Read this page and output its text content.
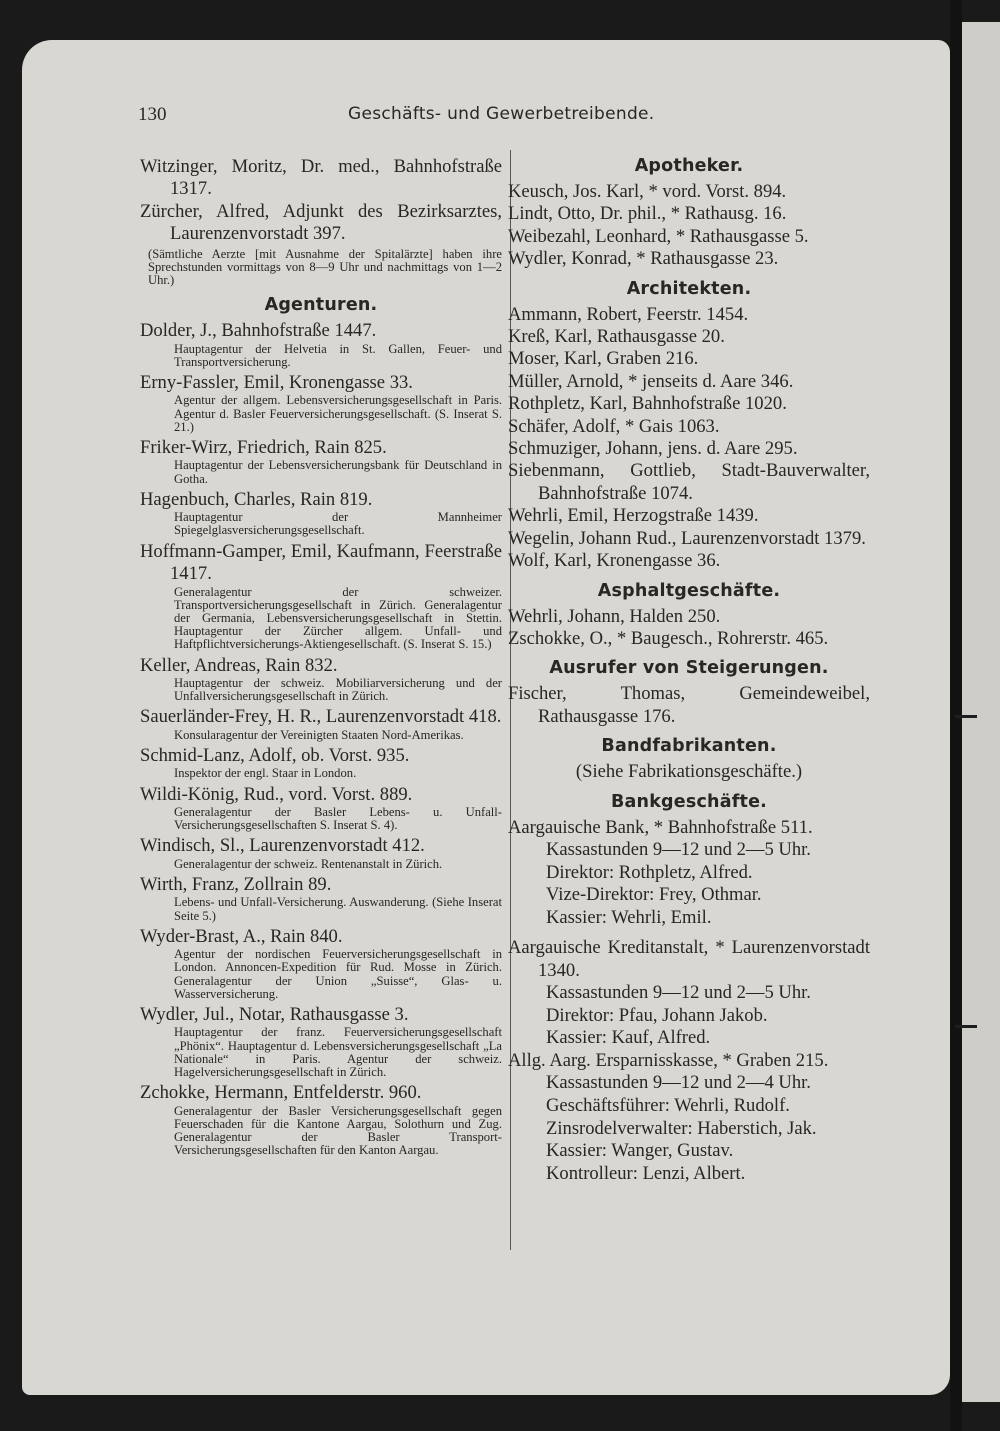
130	Geschäfts- und Gewerbetreibende.

Witzinger, Moritz, Dr. med., Bahnhofstraße 1317.

Zürcher, Alfred, Adjunkt des Bezirksarztes, Laurenzenvorstadt 397.

(Sämtliche Aerzte [mit Ausnahme der Spitalärzte] haben ihre Sprechstunden vormittags von 8—9 Uhr und nachmittags von 1—2 Uhr.)

Agenturen.

Dolder, J., Bahnhofstraße 1447.

Hauptagentur der Helvetia in St. Gallen, Feuer- und Transportversicherung.

Erny-Fassler, Emil, Kronengasse 33.

Agentur der allgem. Lebensversicherungsgesellschaft in Paris. Agentur d. Basler Feuerversicherungsgesellschaft. (S. Inserat S. 21.)

Friker-Wirz, Friedrich, Rain 825.

Hauptagentur der Lebensversicherungsbank für Deutschland in Gotha.

Hagenbuch, Charles, Rain 819.

Hauptagentur der Mannheimer Spiegelglasversicherungsgesellschaft.

Hoffmann-Gamper, Emil, Kaufmann, Feerstraße 1417.

Generalagentur der schweizer. Transportversicherungsgesellschaft in Zürich. Generalagentur der Germania, Lebensversicherungsgesellschaft in Stettin. Hauptagentur der Zürcher allgem. Unfall- und Haftpflichtversicherungs-Aktiengesellschaft. (S. Inserat S. 15.)

Keller, Andreas, Rain 832.

Hauptagentur der schweiz. Mobiliarversicherung und der Unfallversicherungsgesellschaft in Zürich.

Sauerländer-Frey, H. R., Laurenzenvorstadt 418.

Konsularagentur der Vereinigten Staaten Nord-Amerikas.

Schmid-Lanz, Adolf, ob. Vorst. 935.

Inspektor der engl. Staar in London.

Wildi-König, Rud., vord. Vorst. 889.

Generalagentur der Basler Lebens- u. Unfall-Versicherungsgesellschaften S. Inserat S. 4).

Windisch, Sl., Laurenzenvorstadt 412.

Generalagentur der schweiz. Rentenanstalt in Zürich.

Wirth, Franz, Zollrain 89.

Lebens- und Unfall-Versicherung. Auswanderung. (Siehe Inserat Seite 5.)

Wyder-Brast, A., Rain 840.

Agentur der nordischen Feuerversicherungsgesellschaft in London. Annoncen-Expedition für Rud. Mosse in Zürich. Generalagentur der Union „Suisse“, Glas- u. Wasserversicherung.

Wydler, Jul., Notar, Rathausgasse 3.

Hauptagentur der franz. Feuerversicherungsgesellschaft „Phönix“. Hauptagentur d. Lebensversicherungsgesellschaft „La Nationale“ in Paris. Agentur der schweiz. Hagelversicherungsgesellschaft in Zürich.

Zchokke, Hermann, Entfelderstr. 960.

Generalagentur der Basler Versicherungsgesellschaft gegen Feuerschaden für die Kantone Aargau, Solothurn und Zug. Generalagentur der Basler Transport-Versicherungsgesellschaften für den Kanton Aargau.

Apotheker.

Keusch, Jos. Karl, * vord. Vorst. 894.

Lindt, Otto, Dr. phil., * Rathausg. 16.

Weibezahl, Leonhard, * Rathausgasse 5.

Wydler, Konrad, * Rathausgasse 23.

Architekten.

Ammann, Robert, Feerstr. 1454.

Kreß, Karl, Rathausgasse 20.

Moser, Karl, Graben 216.

Müller, Arnold, * jenseits d. Aare 346.

Rothpletz, Karl, Bahnhofstraße 1020.

Schäfer, Adolf, * Gais 1063.

Schmuziger, Johann, jens. d. Aare 295.

Siebenmann, Gottlieb, Stadt-Bauverwalter, Bahnhofstraße 1074.

Wehrli, Emil, Herzogstraße 1439.

Wegelin, Johann Rud., Laurenzenvorstadt 1379.

Wolf, Karl, Kronengasse 36.

Asphaltgeschäfte.

Wehrli, Johann, Halden 250.

Zschokke, O., * Baugesch., Rohrerstr. 465.

Ausrufer von Steigerungen.

Fischer, Thomas, Gemeindeweibel, Rathausgasse 176.

Bandfabrikanten.

(Siehe Fabrikationsgeschäfte.)

Bankgeschäfte.

Aargauische Bank, * Bahnhofstraße 511.

Kassastunden 9—12 und 2—5 Uhr.

Direktor: Rothpletz, Alfred.

Vize-Direktor: Frey, Othmar.

Kassier: Wehrli, Emil.

Aargauische Kreditanstalt, * Laurenzenvorstadt 1340.

Kassastunden 9—12 und 2—5 Uhr.

Direktor: Pfau, Johann Jakob.

Kassier: Kauf, Alfred.

Allg. Aarg. Ersparnisskasse, * Graben 215.

Kassastunden 9—12 und 2—4 Uhr.

Geschäftsführer: Wehrli, Rudolf.

Zinsrodelverwalter: Haberstich, Jak.

Kassier: Wanger, Gustav.

Kontrolleur: Lenzi, Albert.
